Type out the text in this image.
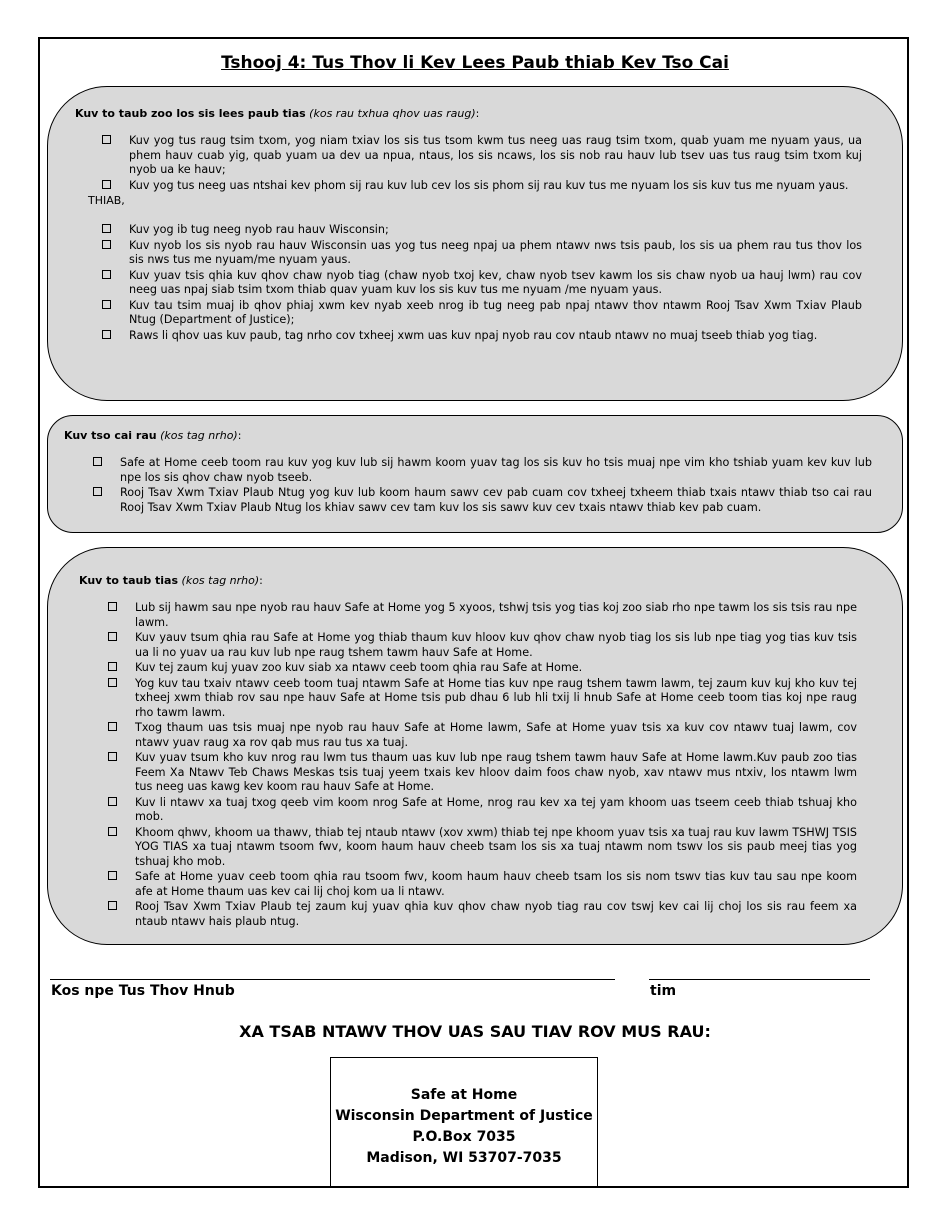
Tshooj 4: Tus Thov li Kev Lees Paub thiab Kev Tso Cai
Kuv to taub zoo los sis lees paub tias (kos rau txhua qhov uas raug):
Kuv yog tus raug tsim txom, yog niam txiav los sis tus tsom kwm tus neeg uas raug tsim txom, quab yuam me nyuam yaus, ua phem hauv cuab yig, quab yuam ua dev ua npua, ntaus, los sis ncaws, los sis nob rau hauv lub tsev uas tus raug tsim txom kuj nyob ua ke hauv;
Kuv yog tus neeg uas ntshai kev phom sij rau kuv lub cev los sis phom sij rau kuv tus me nyuam los sis kuv tus me nyuam yaus.
THIAB,
Kuv yog ib tug neeg nyob rau hauv Wisconsin;
Kuv nyob los sis nyob rau hauv Wisconsin uas yog tus neeg npaj ua phem ntawv nws tsis paub, los sis ua phem rau tus thov los sis nws tus me nyuam/me nyuam yaus.
Kuv yuav tsis qhia kuv qhov chaw nyob tiag (chaw nyob txoj kev, chaw nyob tsev kawm los sis chaw nyob ua hauj lwm) rau cov neeg uas npaj siab tsim txom thiab quav yuam kuv los sis kuv tus me nyuam /me nyuam yaus.
Kuv tau tsim muaj ib qhov phiaj xwm kev nyab xeeb nrog ib tug neeg pab npaj ntawv thov ntawm Rooj Tsav Xwm Txiav Plaub Ntug (Department of Justice);
Raws li qhov uas kuv paub, tag nrho cov txheej xwm uas kuv npaj nyob rau cov ntaub ntawv no muaj tseeb thiab yog tiag.
Kuv tso cai rau (kos tag nrho):
Safe at Home ceeb toom rau kuv yog kuv lub sij hawm koom yuav tag los sis kuv ho tsis muaj npe vim kho tshiab yuam kev kuv lub npe los sis qhov chaw nyob tseeb.
Rooj Tsav Xwm Txiav Plaub Ntug yog kuv lub koom haum sawv cev pab cuam cov txheej txheem thiab txais ntawv thiab tso cai rau Rooj Tsav Xwm Txiav Plaub Ntug los khiav sawv cev tam kuv los sis sawv kuv cev txais ntawv thiab kev pab cuam.
Kuv to taub tias (kos tag nrho):
Lub sij hawm sau npe nyob rau hauv Safe at Home yog 5 xyoos, tshwj tsis yog tias koj zoo siab rho npe tawm los sis tsis rau npe lawm.
Kuv yauv tsum qhia rau Safe at Home yog thiab thaum kuv hloov kuv qhov chaw nyob tiag los sis lub npe tiag yog tias kuv tsis ua li no yuav ua rau kuv lub npe raug tshem tawm hauv Safe at Home.
Kuv tej zaum kuj yuav zoo kuv siab xa ntawv ceeb toom qhia rau Safe at Home.
Yog kuv tau txaiv ntawv ceeb toom tuaj ntawm Safe at Home tias kuv npe raug tshem tawm lawm, tej zaum kuv kuj kho kuv tej txheej xwm thiab rov sau npe hauv Safe at Home tsis pub dhau 6 lub hli txij li hnub Safe at Home ceeb toom tias koj npe raug rho tawm lawm.
Txog thaum uas tsis muaj npe nyob rau hauv Safe at Home lawm, Safe at Home yuav tsis xa kuv cov ntawv tuaj lawm, cov ntawv yuav raug xa rov qab mus rau tus xa tuaj.
Kuv yuav tsum kho kuv nrog rau lwm tus thaum uas kuv lub npe raug tshem tawm hauv Safe at Home lawm.Kuv paub zoo tias Feem Xa Ntawv Teb Chaws Meskas tsis tuaj yeem txais kev hloov daim foos chaw nyob, xav ntawv mus ntxiv, los ntawm lwm tus neeg uas kawg kev koom rau hauv Safe at Home.
Kuv li ntawv xa tuaj txog qeeb vim koom nrog Safe at Home, nrog rau kev xa tej yam khoom uas tseem ceeb thiab tshuaj kho mob.
Khoom qhwv, khoom ua thawv, thiab tej ntaub ntawv (xov xwm) thiab tej npe khoom yuav tsis xa tuaj rau kuv lawm TSHWJ TSIS YOG TIAS xa tuaj ntawm tsoom fwv, koom haum hauv cheeb tsam los sis xa tuaj ntawm nom tswv los sis paub meej tias yog tshuaj kho mob.
Safe at Home yuav ceeb toom qhia rau tsoom fwv, koom haum hauv cheeb tsam los sis nom tswv tias kuv tau sau npe koom afe at Home thaum uas kev cai lij choj kom ua li ntawv.
Rooj Tsav Xwm Txiav Plaub tej zaum kuj yuav qhia kuv qhov chaw nyob tiag rau cov tswj kev cai lij choj los sis rau feem xa ntaub ntawv hais plaub ntug.
Kos npe Tus Thov Hnub	tim
XA TSAB NTAWV THOV UAS SAU TIAV ROV MUS RAU:
Safe at Home
Wisconsin Department of Justice
P.O.Box 7035
Madison, WI 53707-7035
